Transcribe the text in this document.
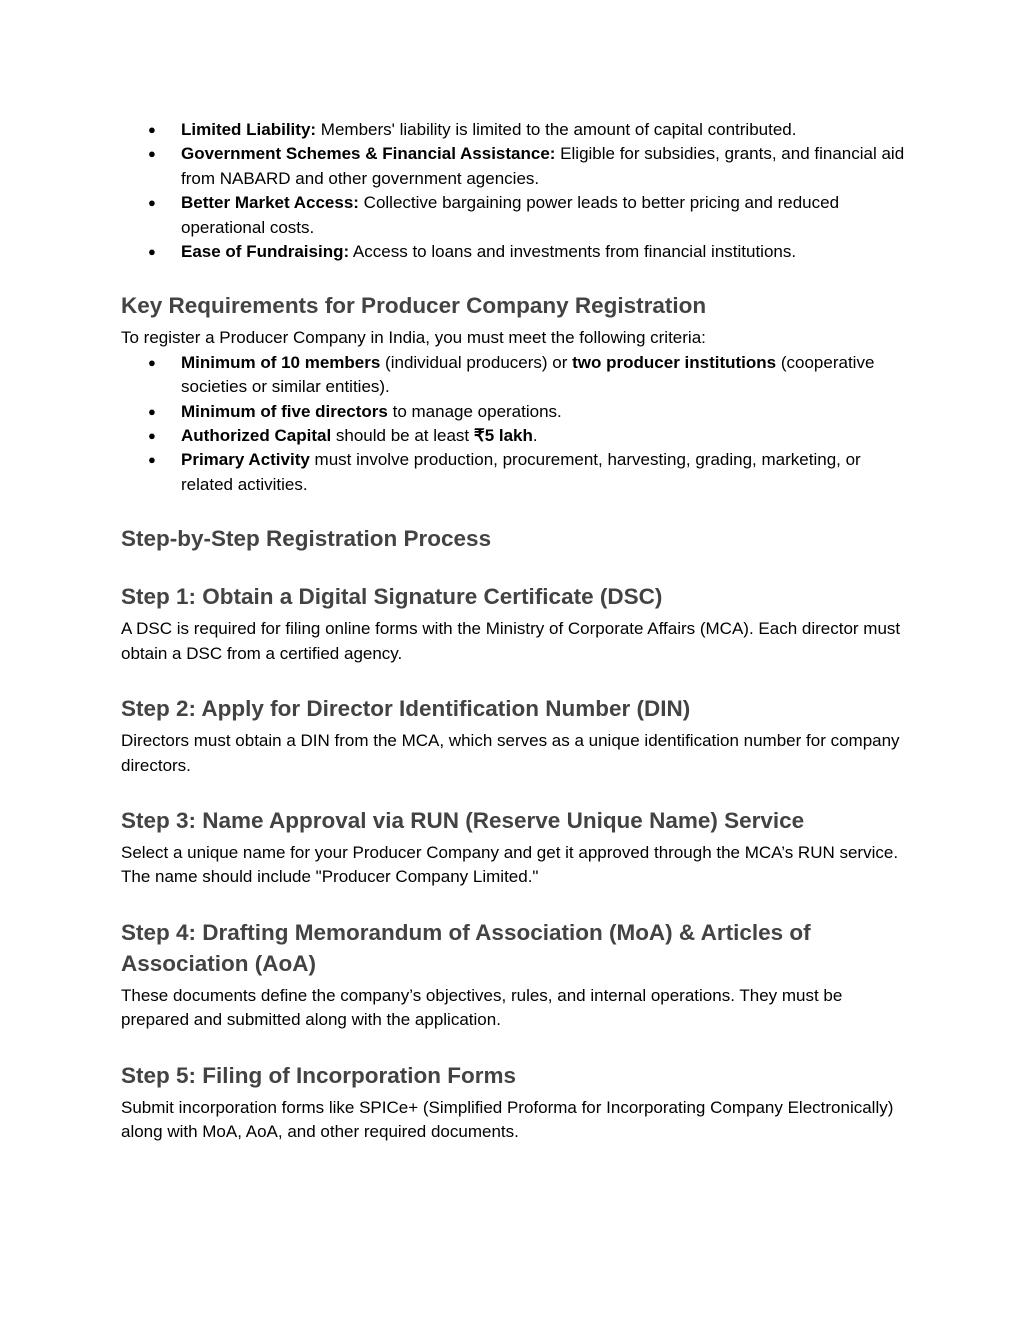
● Limited Liability: Members' liability is limited to the amount of capital contributed.
● Government Schemes & Financial Assistance: Eligible for subsidies, grants, and financial aid from NABARD and other government agencies.
● Better Market Access: Collective bargaining power leads to better pricing and reduced operational costs.
● Ease of Fundraising: Access to loans and investments from financial institutions.
Key Requirements for Producer Company Registration

To register a Producer Company in India, you must meet the following criteria:

● Minimum of 10 members (individual producers) or two producer institutions (cooperative societies or similar entities).
● Minimum of five directors to manage operations.
● Authorized Capital should be at least ₹5 lakh.
● Primary Activity must involve production, procurement, harvesting, grading, marketing, or related activities.
Step-by-Step Registration Process
Step 1: Obtain a Digital Signature Certificate (DSC)

A DSC is required for filing online forms with the Ministry of Corporate Affairs (MCA). Each director must obtain a DSC from a certified agency.

Step 2: Apply for Director Identification Number (DIN)

Directors must obtain a DIN from the MCA, which serves as a unique identification number for company directors.

Step 3: Name Approval via RUN (Reserve Unique Name) Service

Select a unique name for your Producer Company and get it approved through the MCA’s RUN service. The name should include "Producer Company Limited."

Step 4: Drafting Memorandum of Association (MoA) & Articles of Association (AoA)

These documents define the company’s objectives, rules, and internal operations. They must be prepared and submitted along with the application.

Step 5: Filing of Incorporation Forms

Submit incorporation forms like SPICe+ (Simplified Proforma for Incorporating Company Electronically) along with MoA, AoA, and other required documents.
